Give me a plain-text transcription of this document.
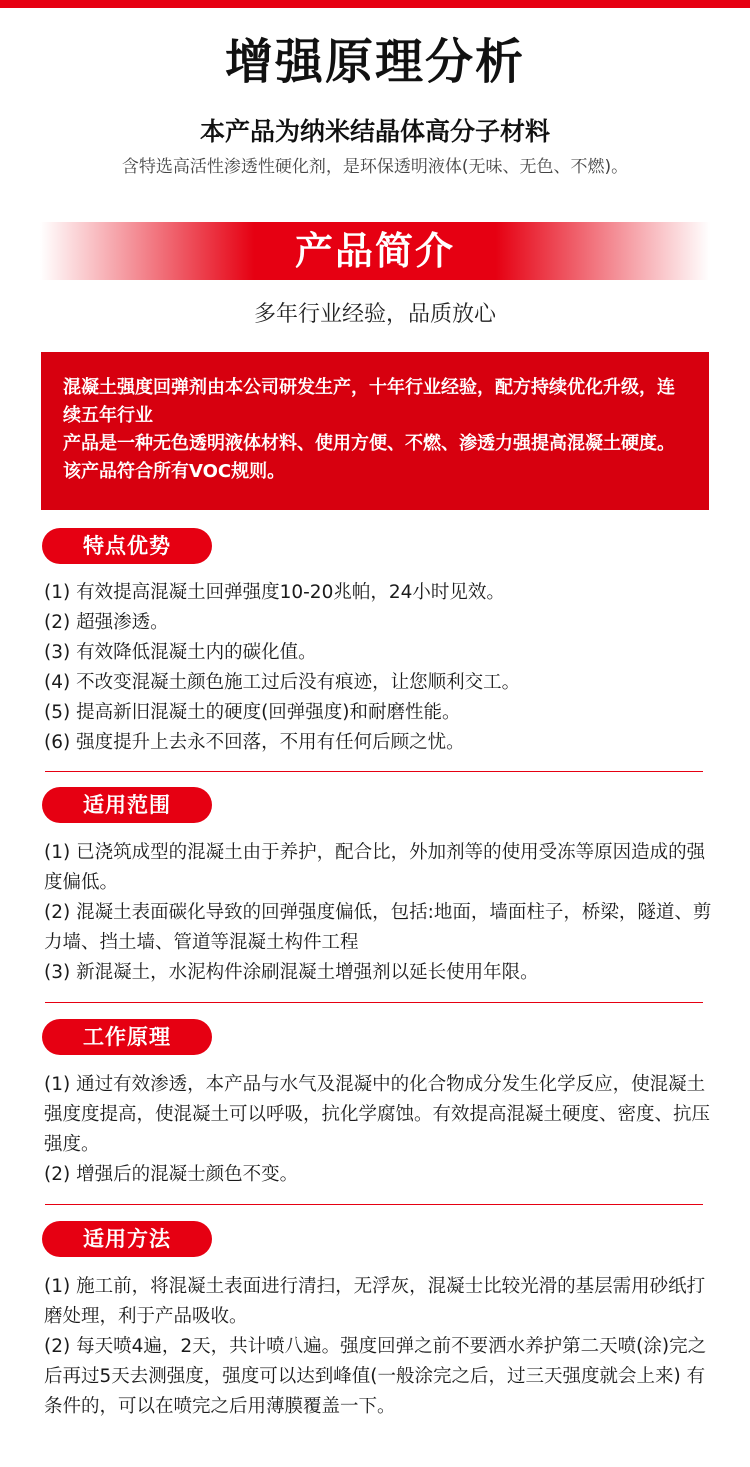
增强原理分析
本产品为纳米结晶体高分子材料
含特选高活性渗透性硬化剂，是环保透明液体(无味、无色、不燃)。
产品简介
多年行业经验，品质放心

混凝土强度回弹剂由本公司研发生产，十年行业经验，配方持续优化升级，连续五年行业

产品是一种无色透明液体材料、使用方便、不燃、渗透力强提高混凝土硬度。该产品符合所有VOC规则。

特点优势

(1) 有效提高混凝土回弹强度10-20兆帕，24小时见效。

(2) 超强渗透。

(3) 有效降低混凝土内的碳化值。

(4) 不改变混凝土颜色施工过后没有痕迹，让您顺利交工。

(5) 提高新旧混凝土的硬度(回弹强度)和耐磨性能。

(6) 强度提升上去永不回落，不用有任何后顾之忧。

适用范围

(1) 已浇筑成型的混凝土由于养护，配合比，外加剂等的使用受冻等原因造成的强度偏低。

(2) 混凝土表面碳化导致的回弹强度偏低，包括:地面，墙面柱子，桥梁，隧道、剪力墙、挡土墙、管道等混凝土构件工程

(3) 新混凝土，水泥构件涂刷混凝土增强剂以延长使用年限。

工作原理

(1) 通过有效渗透，本产品与水气及混凝中的化合物成分发生化学反应，使混凝土强度度提高，使混凝土可以呼吸，抗化学腐蚀。有效提高混凝土硬度、密度、抗压强度。

(2) 增强后的混凝士颜色不变。

适用方法

(1) 施工前，将混凝土表面进行清扫，无浮灰，混凝士比较光滑的基层需用砂纸打磨处理，利于产品吸收。

(2) 每天喷4遍，2天，共计喷八遍。强度回弹之前不要洒水养护第二天喷(涂)完之后再过5天去测强度，强度可以达到峰值(一般涂完之后，过三天强度就会上来) 有条件的，可以在喷完之后用薄膜覆盖一下。
